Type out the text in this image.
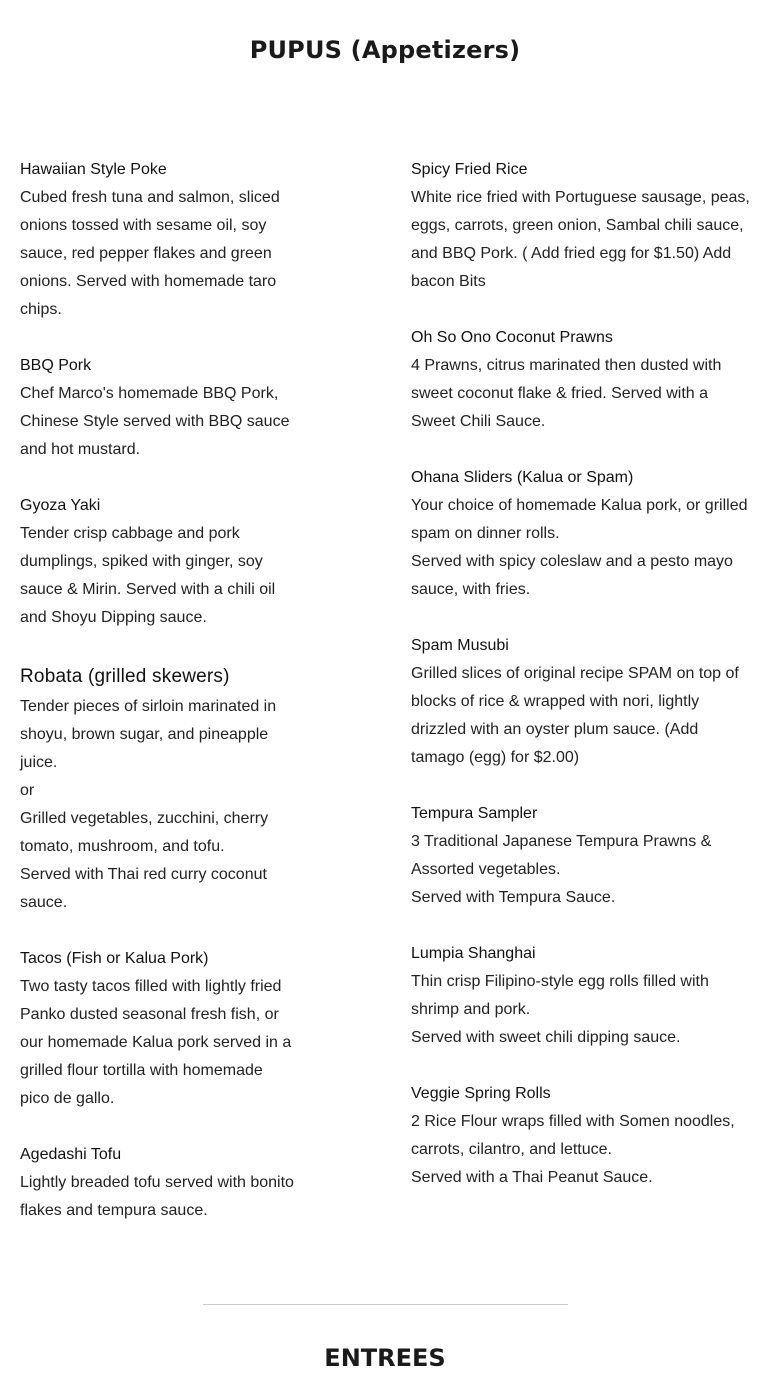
PUPUS (Appetizers)
Hawaiian Style Poke

Cubed fresh tuna and salmon, sliced onions tossed with sesame oil, soy sauce, red pepper flakes and green onions. Served with homemade taro chips.

BBQ Pork

Chef Marco's homemade BBQ Pork, Chinese Style served with BBQ sauce and hot mustard.

Gyoza Yaki

Tender crisp cabbage and pork dumplings, spiked with ginger, soy sauce & Mirin. Served with a chili oil and Shoyu Dipping sauce.

Robata (grilled skewers)

Tender pieces of sirloin marinated in shoyu, brown sugar, and pineapple juice.

or

Grilled vegetables, zucchini, cherry tomato, mushroom, and tofu.

Served with Thai red curry coconut sauce.

Tacos (Fish or Kalua Pork)

Two tasty tacos filled with lightly fried Panko dusted seasonal fresh fish, or our homemade Kalua pork served in a grilled flour tortilla with homemade pico de gallo.

Agedashi Tofu

Lightly breaded tofu served with bonito flakes and tempura sauce.

Spicy Fried Rice

White rice fried with Portuguese sausage, peas, eggs, carrots, green onion, Sambal chili sauce, and BBQ Pork. ( Add fried egg for $1.50) Add bacon Bits

Oh So Ono Coconut Prawns

4 Prawns, citrus marinated then dusted with sweet coconut flake & fried. Served with a Sweet Chili Sauce.

Ohana Sliders (Kalua or Spam)

Your choice of homemade Kalua pork, or grilled spam on dinner rolls.

Served with spicy coleslaw and a pesto mayo sauce, with fries.

Spam Musubi

Grilled slices of original recipe SPAM on top of blocks of rice & wrapped with nori, lightly drizzled with an oyster plum sauce. (Add tamago (egg) for $2.00)

Tempura Sampler

3 Traditional Japanese Tempura Prawns & Assorted vegetables.

Served with Tempura Sauce.

Lumpia Shanghai

Thin crisp Filipino-style egg rolls filled with shrimp and pork.

Served with sweet chili dipping sauce.

Veggie Spring Rolls

2 Rice Flour wraps filled with Somen noodles, carrots, cilantro, and lettuce.

Served with a Thai Peanut Sauce.

ENTREES
